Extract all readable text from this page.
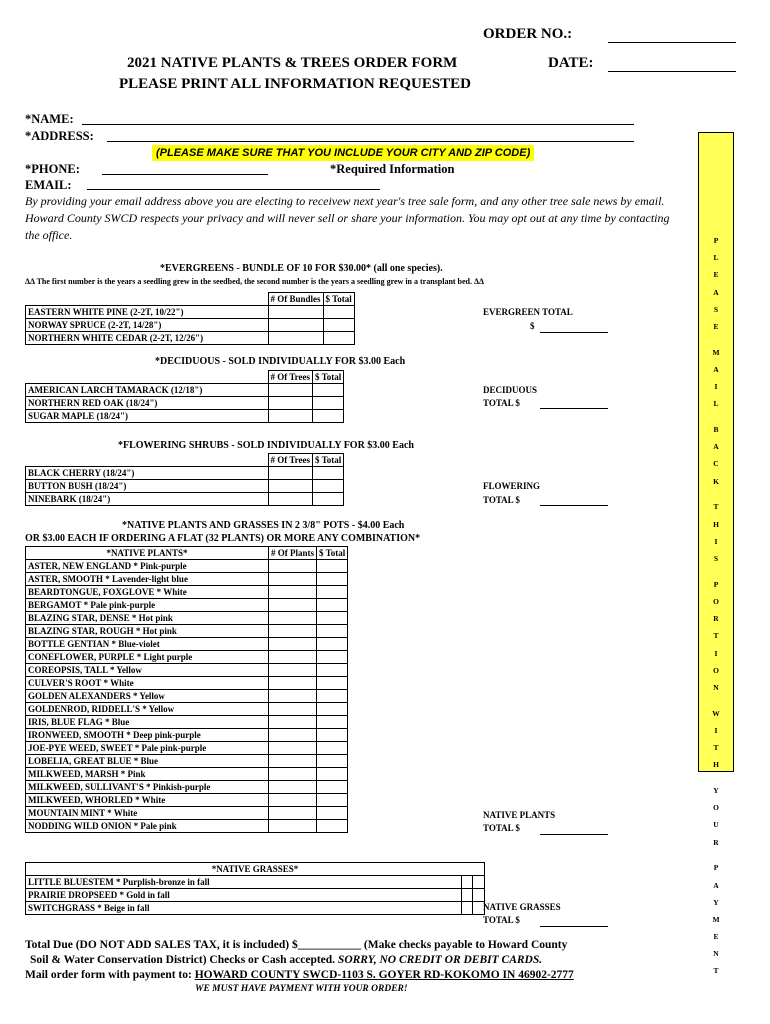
ORDER NO.:
2021 NATIVE PLANTS & TREES ORDER FORM	DATE:
PLEASE PRINT ALL INFORMATION REQUESTED
*NAME:
*ADDRESS:
(PLEASE MAKE SURE THAT YOU INCLUDE YOUR CITY AND ZIP CODE)
*PHONE:	*Required Information
EMAIL:
By providing your email address above you are electing to receivew next year's tree sale form, and any other tree sale news by email. Howard County SWCD respects your privacy and will never sell or share your information. You may opt out at any time by contacting the office.	P

L

E

A

S

E

M

A

I

L

B

A

C

K

T

H

I

S

P

O

R

T

I

O

N

W

I

T

H

Y

O

U

R

P

A

Y

M

E

N

T
*EVERGREENS - BUNDLE OF 10 FOR $30.00* (all one species).
ΔΔ The first number is the years a seedling grew in the seedbed, the second number is the years a seedling grew in a transplant bed. ΔΔ
	# Of Bundles	$ Total
EASTERN WHITE PINE (2-2T, 10/22")		
NORWAY SPRUCE (2-2T, 14/28")		
NORTHERN WHITE CEDAR (2-2T, 12/26")		
EVERGREEN TOTAL
$
*DECIDUOUS - SOLD INDIVIDUALLY FOR $3.00 Each
	# Of Trees	$ Total
AMERICAN LARCH TAMARACK (12/18")		
NORTHERN RED OAK (18/24")		
SUGAR MAPLE (18/24")		
DECIDUOUS
TOTAL $
*FLOWERING SHRUBS - SOLD INDIVIDUALLY FOR $3.00 Each
	# Of Trees	$ Total
BLACK CHERRY (18/24")		
BUTTON BUSH (18/24")		
NINEBARK (18/24")		
FLOWERING
TOTAL $
*NATIVE PLANTS AND GRASSES IN 2 3/8" POTS - $4.00 Each
OR $3.00 EACH IF ORDERING A FLAT (32 PLANTS) OR MORE ANY COMBINATION*
*NATIVE PLANTS*	# Of Plants	$ Total
ASTER, NEW ENGLAND * Pink-purple		
ASTER, SMOOTH * Lavender-light blue		
BEARDTONGUE, FOXGLOVE * White		
BERGAMOT * Pale pink-purple		
BLAZING STAR, DENSE * Hot pink		
BLAZING STAR, ROUGH * Hot pink		
BOTTLE GENTIAN * Blue-violet		
CONEFLOWER, PURPLE * Light purple		
COREOPSIS, TALL * Yellow		
CULVER'S ROOT * White		
GOLDEN ALEXANDERS * Yellow		
GOLDENROD, RIDDELL'S * Yellow		
IRIS, BLUE FLAG * Blue		
IRONWEED, SMOOTH * Deep pink-purple		
JOE-PYE WEED, SWEET * Pale pink-purple		
LOBELIA, GREAT BLUE * Blue		
MILKWEED, MARSH * Pink		
MILKWEED, SULLIVANT'S * Pinkish-purple		
MILKWEED, WHORLED * White		
MOUNTAIN MINT * White		
NODDING WILD ONION * Pale pink		
NATIVE PLANTS
TOTAL $
*NATIVE GRASSES*		
LITTLE BLUESTEM * Purplish-bronze in fall		
PRAIRIE DROPSEED * Gold in fall		
SWITCHGRASS * Beige in fall			NATIVE GRASSES
TOTAL $
Total Due (DO NOT ADD SALES TAX, it is included) $___________ (Make checks payable to Howard County
Soil & Water Conservation District) Checks or Cash accepted. SORRY, NO CREDIT OR DEBIT CARDS.
Mail order form with payment to: HOWARD COUNTY SWCD-1103 S. GOYER RD-KOKOMO IN 46902-2777
WE MUST HAVE PAYMENT WITH YOUR ORDER!
